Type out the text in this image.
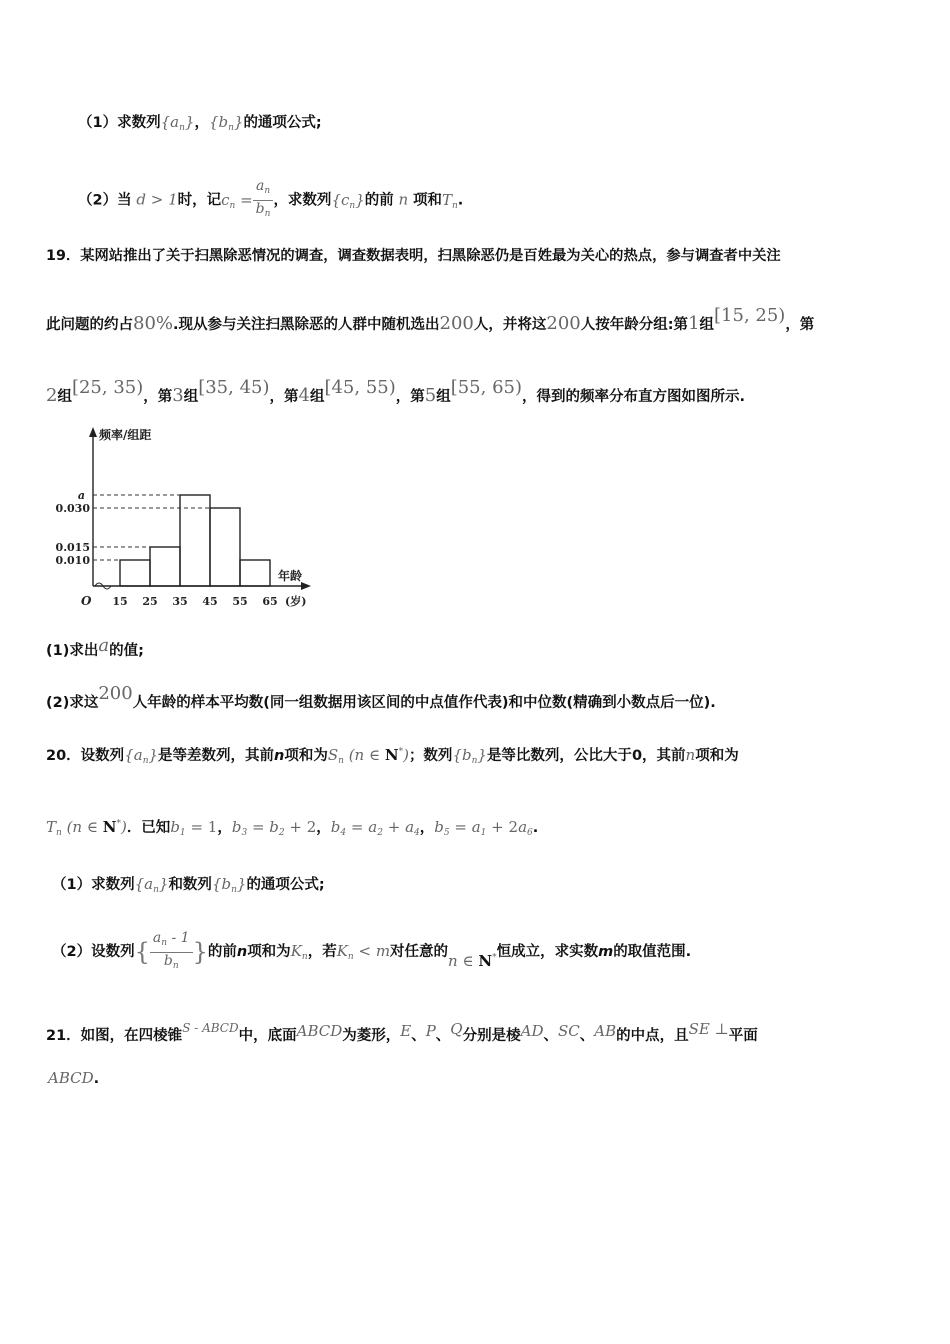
（1）求数列$\{a_n\}$，$\{b_n\}$的通项公式;
（2）当 d > 1时，记$c_n = \frac{a_n}{b_n}$ ，求数列$\{c_n\}$的前 n 项和$T_n$.
19．某网站推出了关于扫黑除恶情况的调查，调查数据表明，扫黑除恶仍是百姓最为关心的热点，参与调查者中关注
此问题的约占80%.现从参与关注扫黑除恶的人群中随机选出200人，并将这200人按年龄分组:第1组[15, 25)，第
2组[25, 35)，第3组[35, 45)，第4组[45, 55)，第5组[55, 65)，得到的频率分布直方图如图所示.
0.010
0.015
0.030
a
15 25 35 45 55 65 (岁)
O
频率/组距
年龄
(1)求出a的值;
(2)求这200人年龄的样本平均数(同一组数据用该区间的中点值作代表)和中位数(精确到小数点后一位).
20．设数列$\{a_n\}$是等差数列，其前n项和为$S_n$ (n ∈ N*)；数列$\{b_n\}$是等比数列，公比大于0，其前n项和为
$T_n$ (n ∈ N*)．已知$b_1 = 1$，$b_3 = b_2 + 2$，$b_4 = a_2 + a_4$，$b_5 = a_1 + 2a_6$.
（1）求数列$\{a_n\}$和数列$\{b_n\}$的通项公式;
（2）设数列{ $\frac{a_n - 1}{b_n}$ }的前n项和为$K_n$，若$K_n < m$对任意的n ∈ N*恒成立，求实数m的取值范围.
21．如图，在四棱锥$^{S - ABCD}$中，底面ABCD为菱形，E、P、Q分别是棱AD、SC、AB的中点，且SE ⊥平面
ABCD.
